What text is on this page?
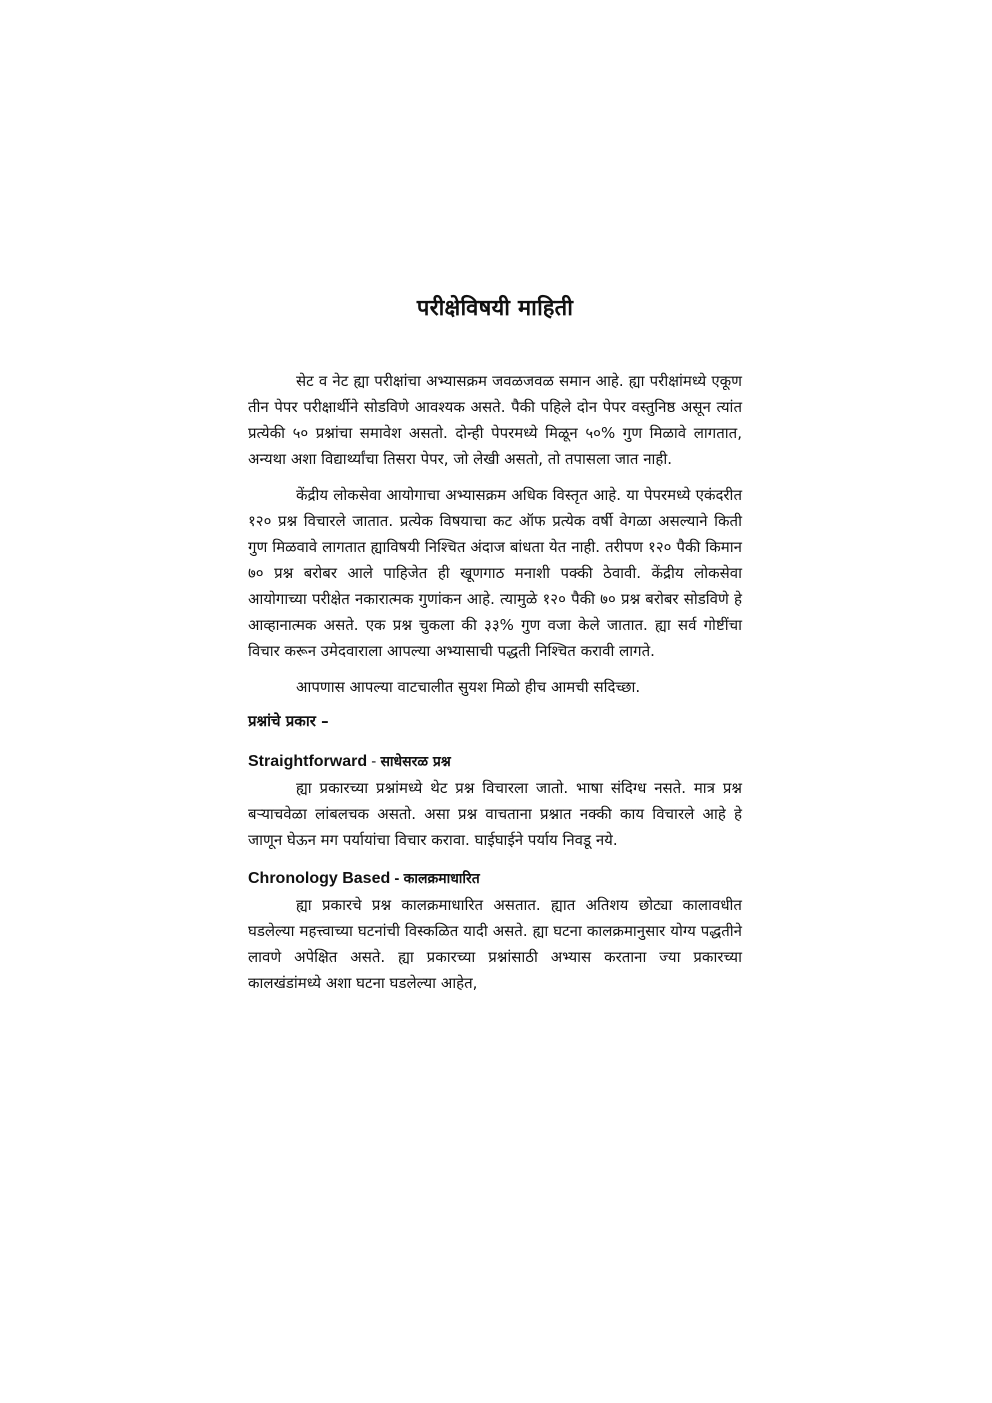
परीक्षेविषयी माहिती

सेट व नेट ह्या परीक्षांचा अभ्यासक्रम जवळजवळ समान आहे. ह्या परीक्षांमध्ये एकूण तीन पेपर परीक्षार्थीने सोडविणे आवश्यक असते. पैकी पहिले दोन पेपर वस्तुनिष्ठ असून त्यांत प्रत्येकी ५० प्रश्नांचा समावेश असतो. दोन्ही पेपरमध्ये मिळून ५०% गुण मिळावे लागतात, अन्यथा अशा विद्यार्थ्यांचा तिसरा पेपर, जो लेखी असतो, तो तपासला जात नाही.

केंद्रीय लोकसेवा आयोगाचा अभ्यासक्रम अधिक विस्तृत आहे. या पेपरमध्ये एकंदरीत १२० प्रश्न विचारले जातात. प्रत्येक विषयाचा कट ऑफ प्रत्येक वर्षी वेगळा असल्याने किती गुण मिळवावे लागतात ह्याविषयी निश्चित अंदाज बांधता येत नाही. तरीपण १२० पैकी किमान ७० प्रश्न बरोबर आले पाहिजेत ही खूणगाठ मनाशी पक्की ठेवावी. केंद्रीय लोकसेवा आयोगाच्या परीक्षेत नकारात्मक गुणांकन आहे. त्यामुळे १२० पैकी ७० प्रश्न बरोबर सोडविणे हे आव्हानात्मक असते. एक प्रश्न चुकला की ३३% गुण वजा केले जातात. ह्या सर्व गोष्टींचा विचार करून उमेदवाराला आपल्या अभ्यासाची पद्धती निश्चित करावी लागते.

आपणास आपल्या वाटचालीत सुयश मिळो हीच आमची सदिच्छा.

प्रश्नांचे प्रकार –
Straightforward - साधेसरळ प्रश्न

ह्या प्रकारच्या प्रश्नांमध्ये थेट प्रश्न विचारला जातो. भाषा संदिग्ध नसते. मात्र प्रश्न बऱ्याचवेळा लांबलचक असतो. असा प्रश्न वाचताना प्रश्नात नक्की काय विचारले आहे हे जाणून घेऊन मग पर्यायांचा विचार करावा. घाईघाईने पर्याय निवडू नये.

Chronology Based - कालक्रमाधारित

ह्या प्रकारचे प्रश्न कालक्रमाधारित असतात. ह्यात अतिशय छोट्या कालावधीत घडलेल्या महत्त्वाच्या घटनांची विस्कळित यादी असते. ह्या घटना कालक्रमानुसार योग्य पद्धतीने लावणे अपेक्षित असते. ह्या प्रकारच्या प्रश्नांसाठी अभ्यास करताना ज्या प्रकारच्या कालखंडांमध्ये अशा घटना घडलेल्या आहेत,
